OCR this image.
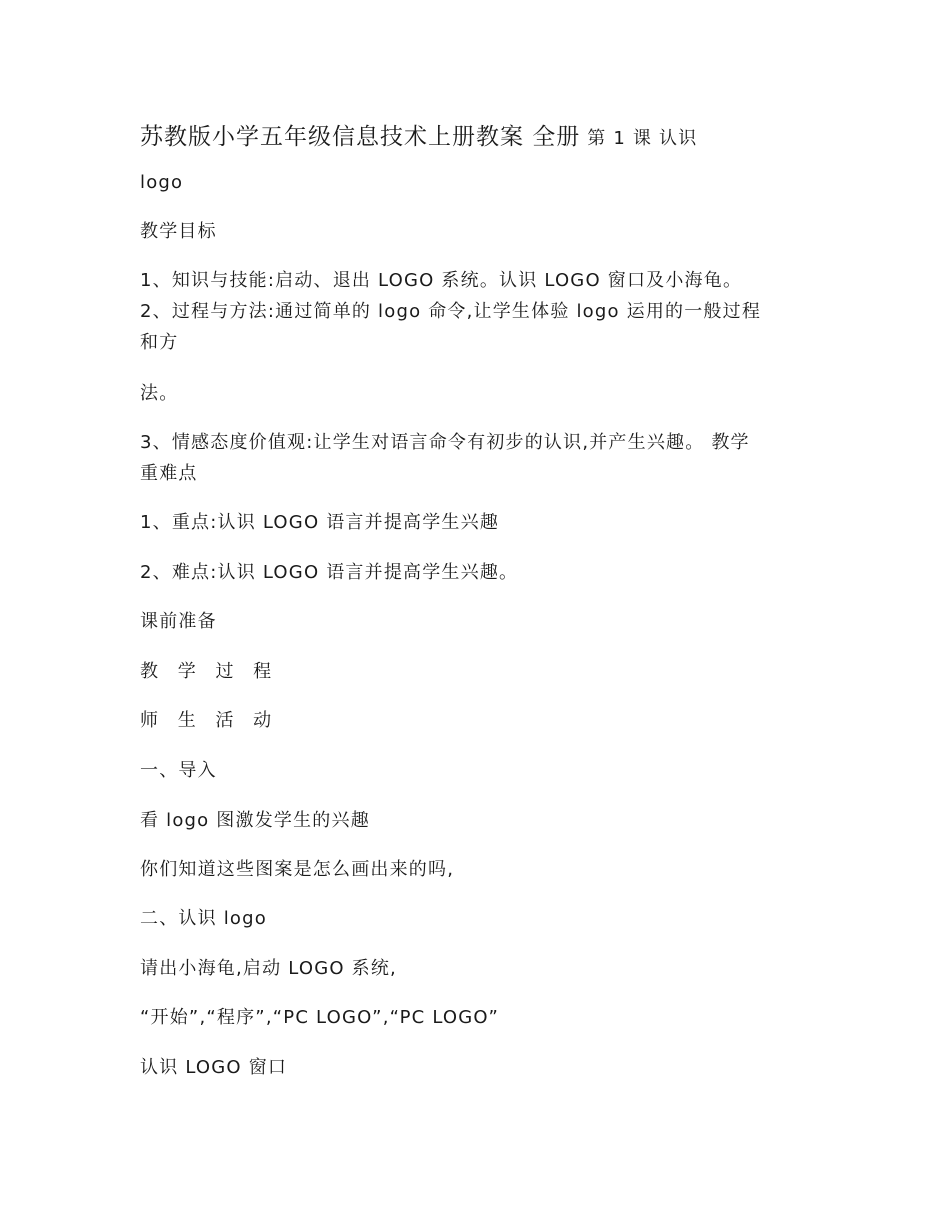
苏教版小学五年级信息技术上册教案 全册 第 1 课 认识
logo
教学目标
1、知识与技能:启动、退出 LOGO 系统。认识 LOGO 窗口及小海龟。
2、过程与方法:通过简单的 logo 命令,让学生体验 logo 运用的一般过程
和方
法。
3、情感态度价值观:让学生对语言命令有初步的认识,并产生兴趣。 教学
重难点
1、重点:认识 LOGO 语言并提高学生兴趣
2、难点:认识 LOGO 语言并提高学生兴趣。
课前准备
教 学 过 程
师 生 活 动
一、导入
看 logo 图激发学生的兴趣
你们知道这些图案是怎么画出来的吗,
二、认识 logo
请出小海龟,启动 LOGO 系统,
“开始”,“程序”,“PC LOGO”,“PC LOGO”
认识 LOGO 窗口
